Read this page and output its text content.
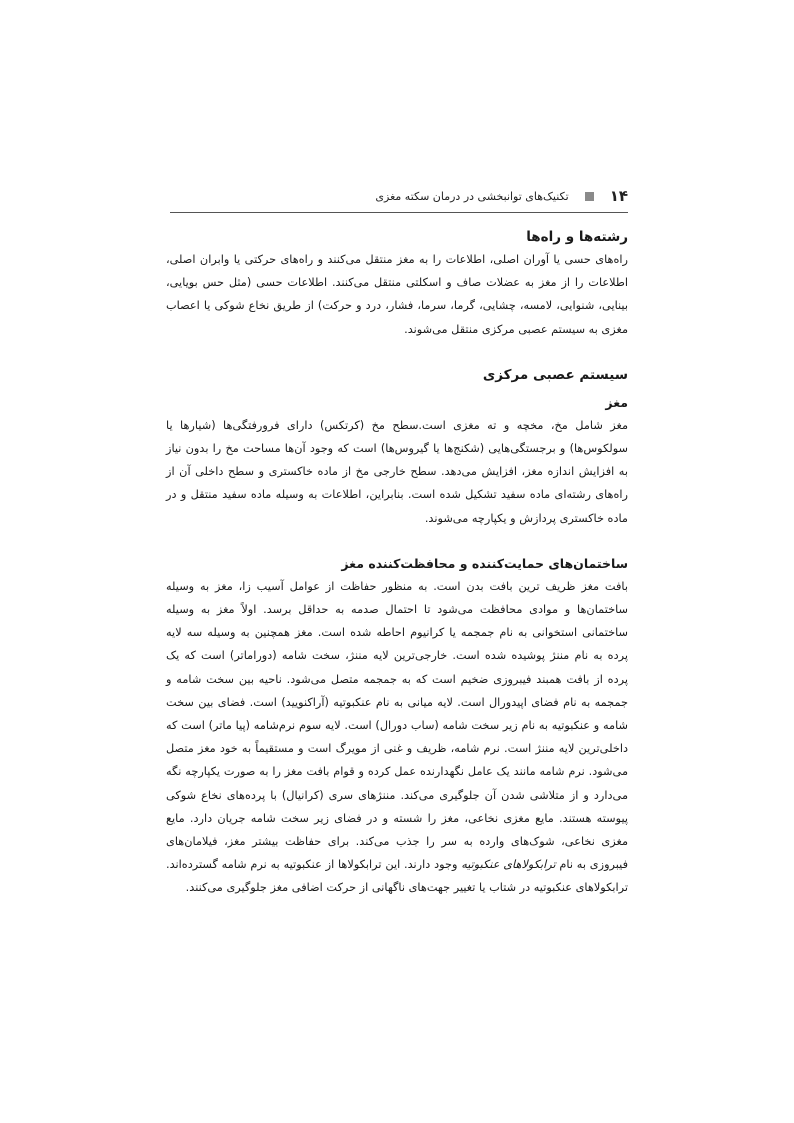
۱۴
تکنیک‌های توانبخشی در درمان سکته مغزی
رشته‌ها و راه‌ها

راه‌های حسی یا آوران اصلی، اطلاعات را به مغز منتقل می‌کنند و راه‌های حرکتی یا وابران اصلی، اطلاعات را از مغز به عضلات صاف و اسکلتی منتقل می‌کنند. اطلاعات حسی (مثل حس بویایی، بینایی، شنوایی، لامسه، چشایی، گرما، سرما، فشار، درد و حرکت) از طریق نخاع شوکی یا اعصاب مغزی به سیستم عصبی مرکزی منتقل می‌شوند.

سیستم عصبی مرکزی
مغز

مغز شامل مخ، مخچه و ته مغزی است.سطح مخ (کرتکس) دارای فرورفتگی‌ها (شیارها یا سولکوس‌ها) و برجستگی‌هایی (شکنج‌ها یا گیروس‌ها) است که وجود آن‌ها مساحت مخ را بدون نیاز به افزایش اندازه مغز، افزایش می‌دهد. سطح خارجی مخ از ماده خاکستری و سطح داخلی آن از راه‌های رشته‌ای ماده سفید تشکیل شده است. بنابراین، اطلاعات به وسیله ماده سفید منتقل و در ماده خاکستری پردازش و یکپارچه می‌شوند.

ساختمان‌های حمایت‌کننده و محافظت‌کننده مغز

بافت مغز ظریف ترین بافت بدن است. به منظور حفاظت از عوامل آسیب زا، مغز به وسیله ساختمان‌ها و موادی محافظت می‌شود تا احتمال صدمه به حداقل برسد. اولاً مغز به وسیله ساختمانی استخوانی به نام جمجمه یا کرانیوم احاطه شده است. مغز همچنین به وسیله سه لایه پرده به نام مننژ پوشیده شده است. خارجی‌ترین لایه مننژ، سخت شامه (دوراماتر) است که یک پرده از بافت همبند فیبروزی ضخیم است که به جمجمه متصل می‌شود. ناحیه بین سخت شامه و جمجمه به نام فضای اپیدورال است. لایه میانی به نام عنکبوتیه (آراکنویید) است. فضای بین سخت شامه و عنکبوتیه به نام زیر سخت شامه (ساب دورال) است. لایه سوم نرم‌شامه (پیا ماتر) است که داخلی‌ترین لایه مننژ است. نرم شامه، ظریف و غنی از مویرگ است و مستقیماً به خود مغز متصل می‌شود. نرم شامه مانند یک عامل نگهدارنده عمل کرده و قوام بافت مغز را به صورت یکپارچه نگه می‌دارد و از متلاشی شدن آن جلوگیری می‌کند. مننژهای سری (کرانیال) با پرده‌های نخاع شوکی پیوسته هستند. مایع مغزی نخاعی، مغز را شسته و در فضای زیر سخت شامه جریان دارد. مایع مغزی نخاعی، شوک‌های وارده به سر را جذب می‌کند. برای حفاظت بیشتر مغز، فیلامان‌های فیبروزی به نام ترابکولا‌های عنکبوتیه وجود دارند. این ترابکولاها از عنکبوتیه به نرم شامه گسترده‌اند. ترابکولاهای عنکبوتیه در شتاب یا تغییر جهت‌های ناگهانی از حرکت اضافی مغز جلوگیری می‌کنند.
